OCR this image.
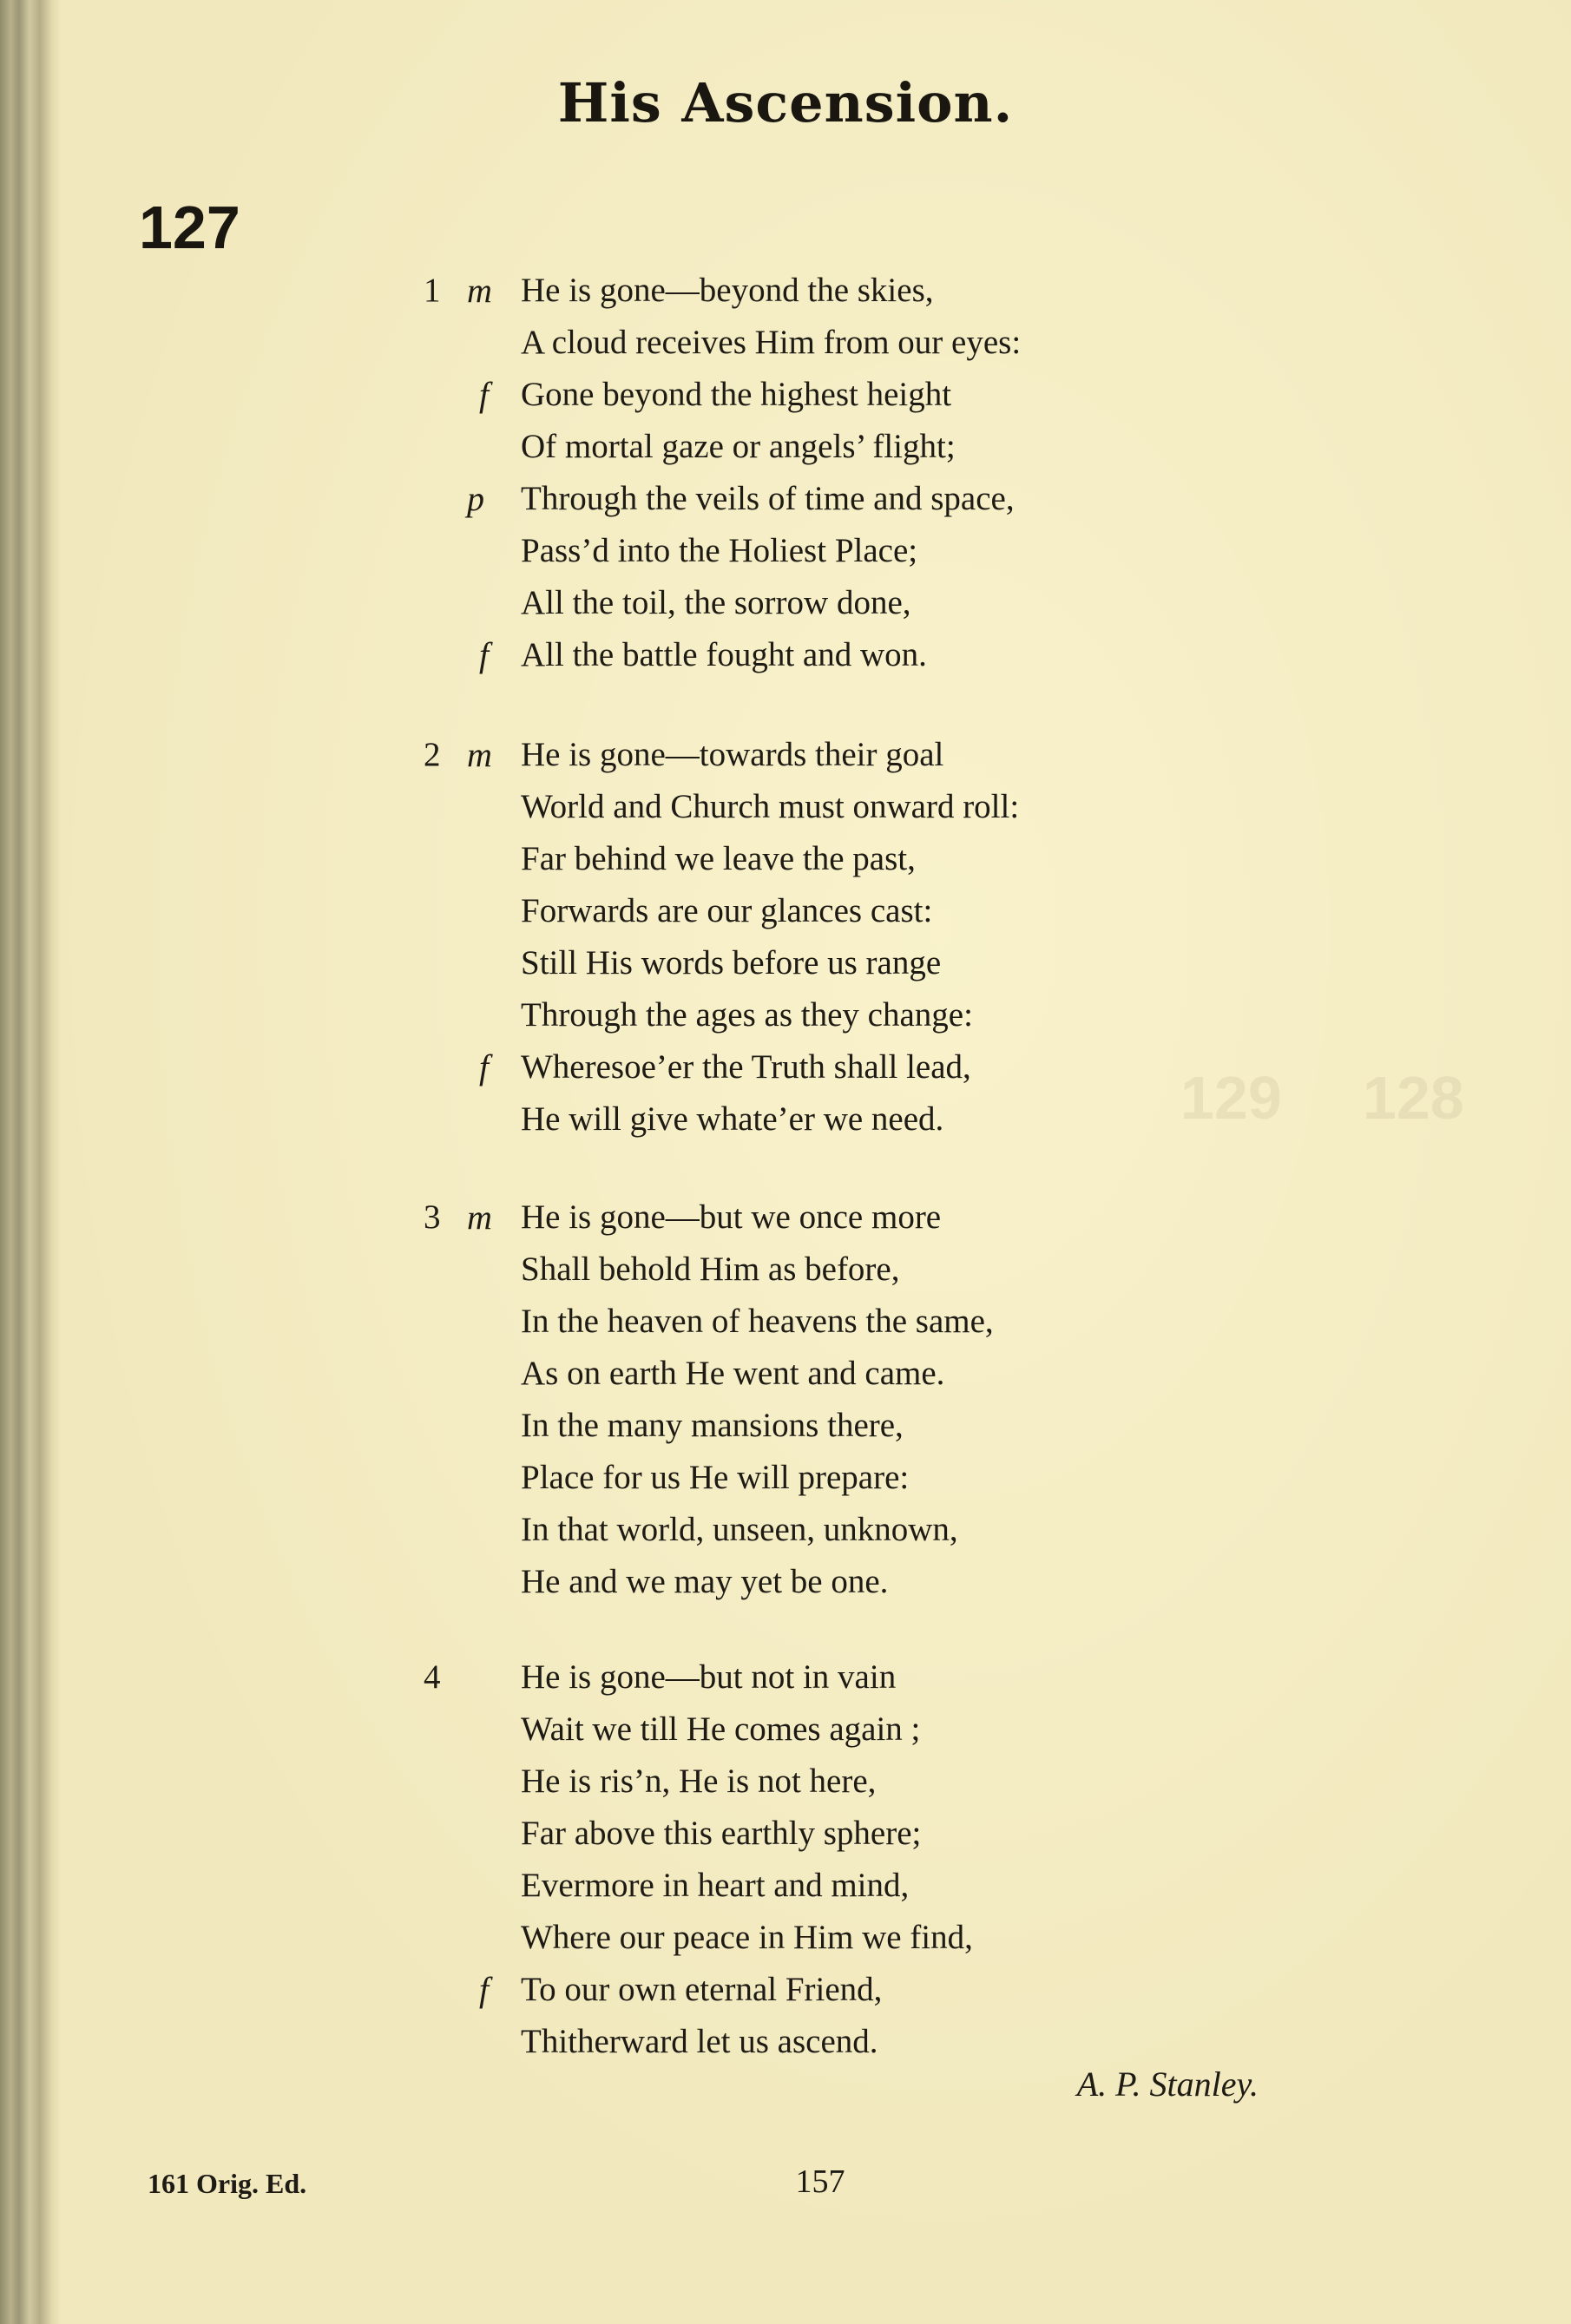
128
129
His Ascension.
127
1 m He is gone—beyond the skies,
A cloud receives Him from our eyes:
f Gone beyond the highest height
Of mortal gaze or angels’ flight;
p Through the veils of time and space,
Pass’d into the Holiest Place;
All the toil, the sorrow done,
f All the battle fought and won.
2 m He is gone—towards their goal
World and Church must onward roll:
Far behind we leave the past,
Forwards are our glances cast:
Still His words before us range
Through the ages as they change:
f Wheresoe’er the Truth shall lead,
He will give whate’er we need.
3 m He is gone—but we once more
Shall behold Him as before,
In the heaven of heavens the same,
As on earth He went and came.
In the many mansions there,
Place for us He will prepare:
In that world, unseen, unknown,
He and we may yet be one.
4 He is gone—but not in vain
Wait we till He comes again ;
He is ris’n, He is not here,
Far above this earthly sphere;
Evermore in heart and mind,
Where our peace in Him we find,
f To our own eternal Friend,
Thitherward let us ascend.
A. P. Stanley.
161 Orig. Ed.	157
